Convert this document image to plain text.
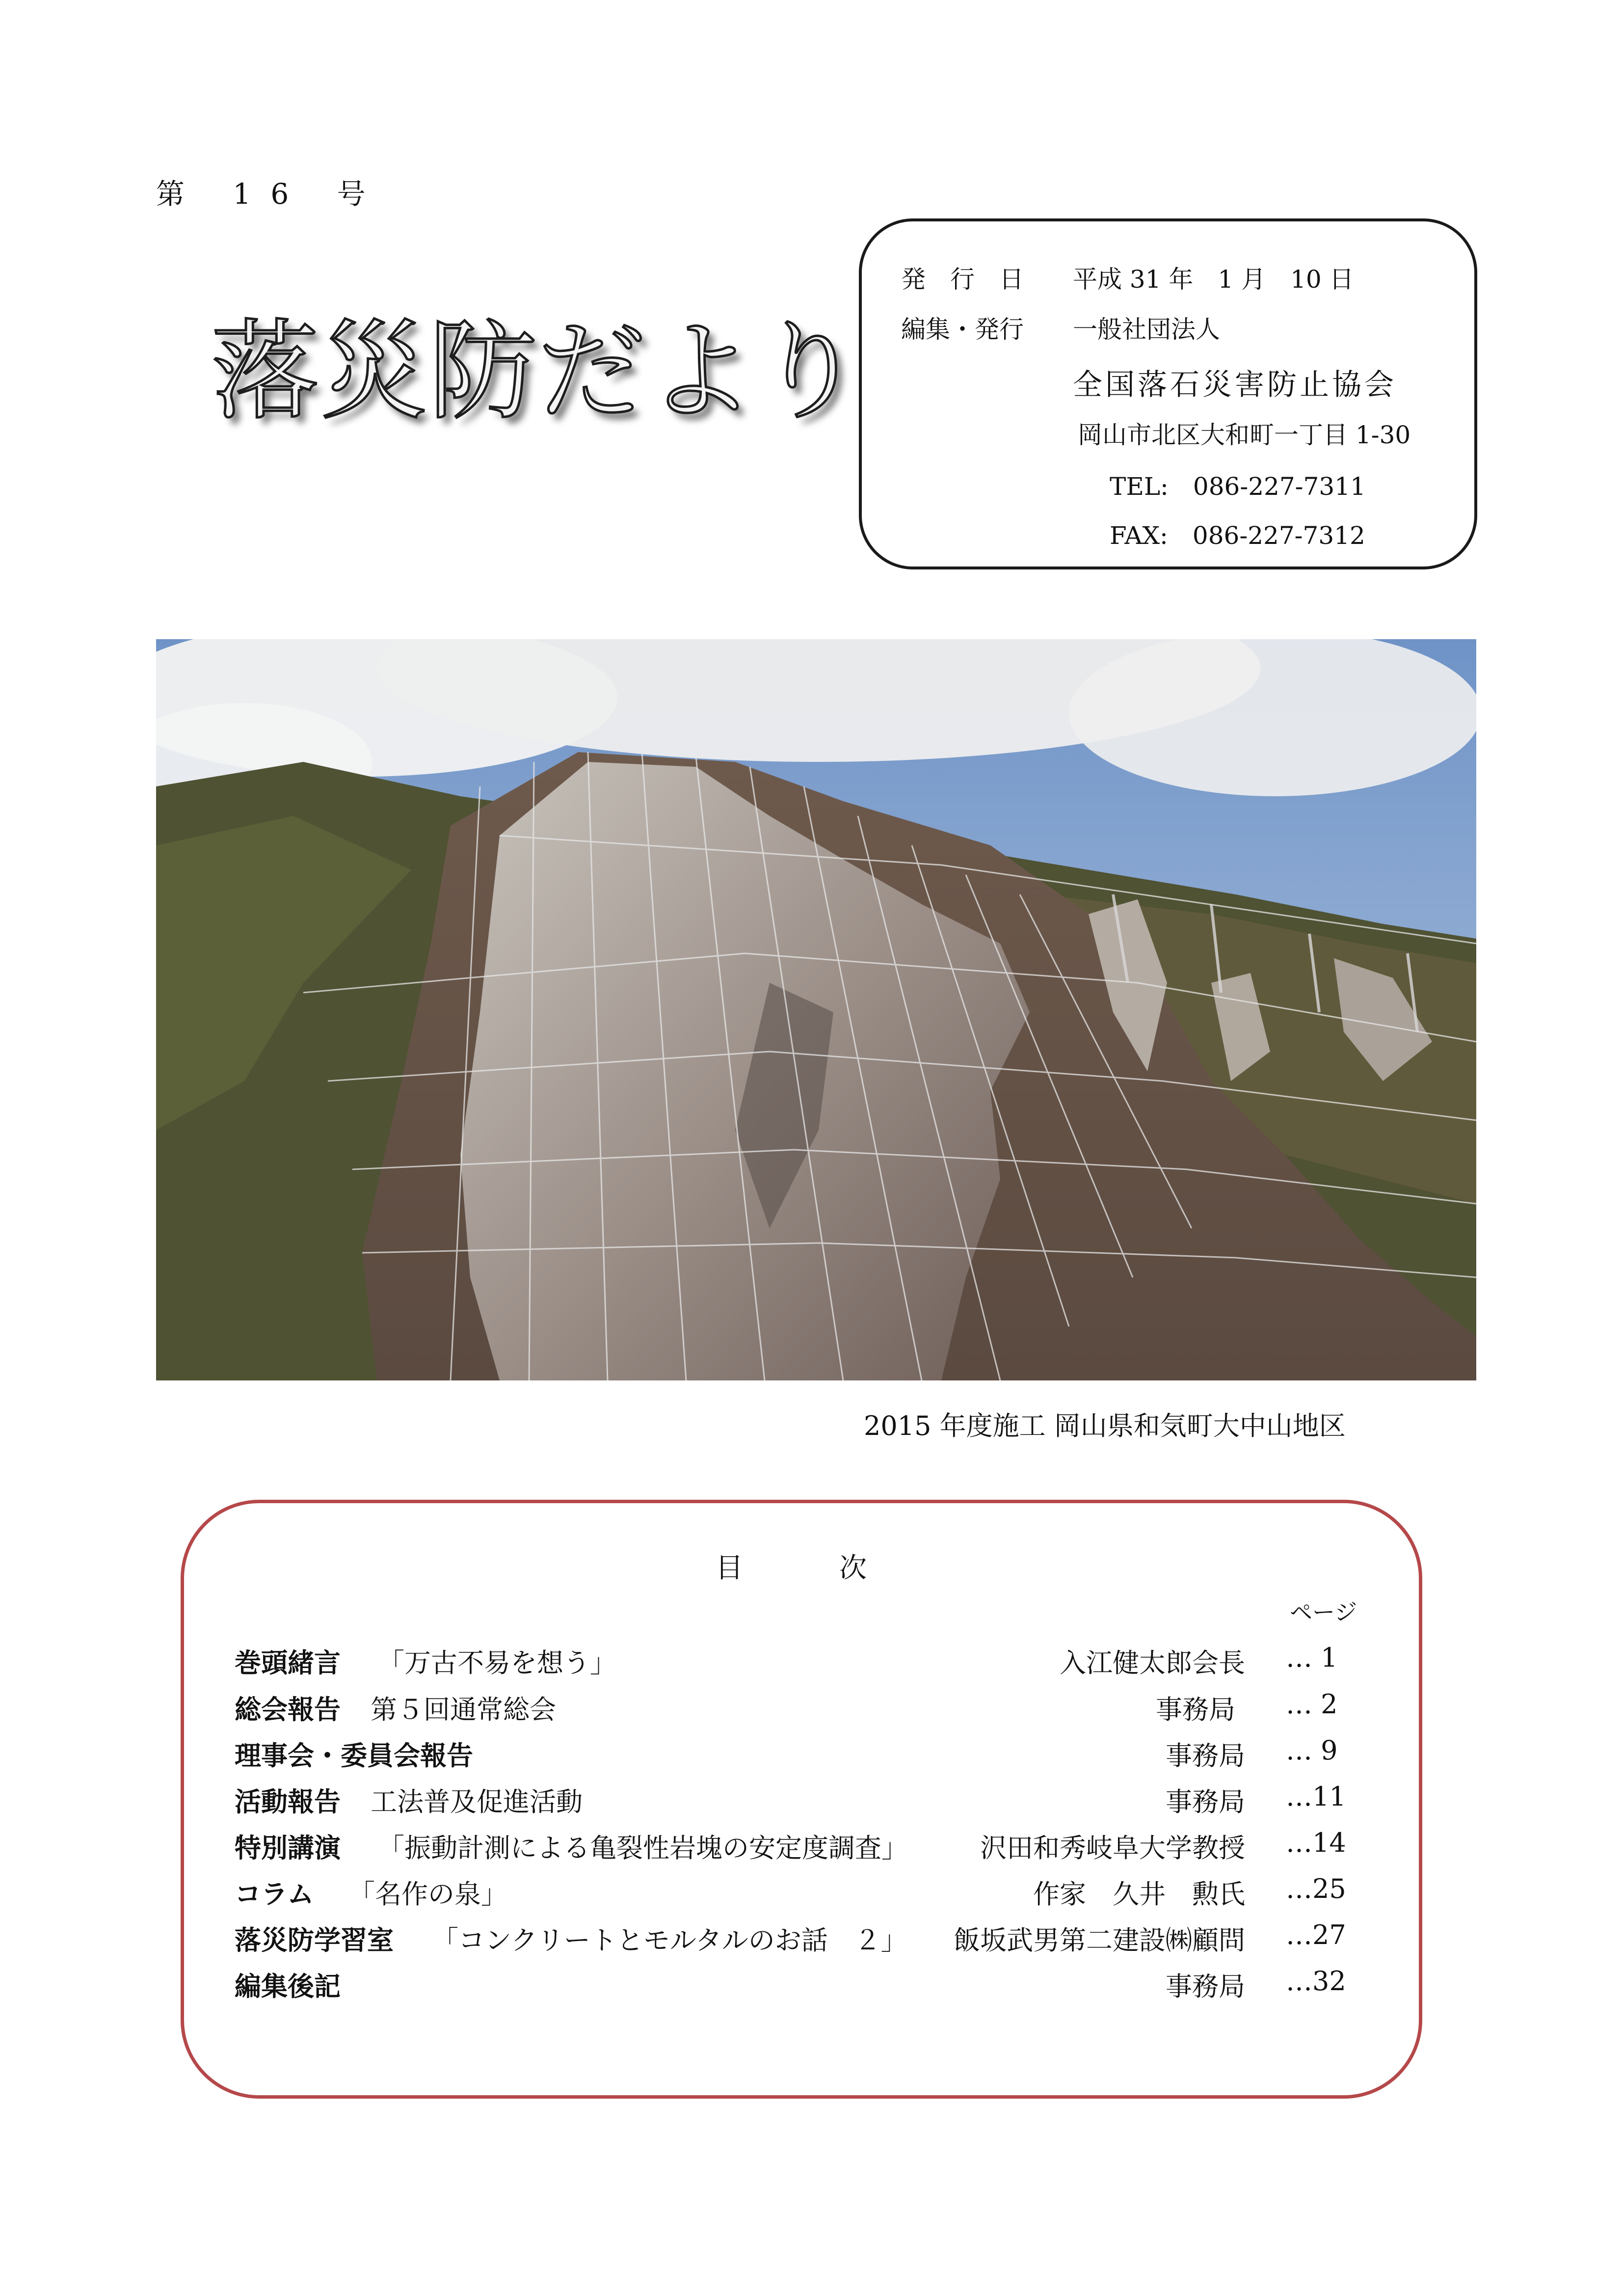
第 16 号
落災防だより
発　行　日 平成 31 年　1 月　10 日
編集・発行 一般社団法人
全国落石災害防止協会
岡山市北区大和町一丁目 1-30
TEL:　086-227-7311
FAX:　086-227-7312
2015 年度施工 岡山県和気町大中山地区
目　次
ページ
巻頭緒言 「万古不易を想う」	入江健太郎会長 … 1
総会報告 第５回通常総会	事務局 … 2
理事会・委員会報告	事務局 … 9
活動報告 工法普及促進活動	事務局 …11
特別講演 「振動計測による亀裂性岩塊の安定度調査」	沢田和秀岐阜大学教授 …14
コラム 「名作の泉」	作家　久井　勲氏 …25
落災防学習室 「コンクリートとモルタルのお話　２」 飯坂武男第二建設㈱顧問 …27
編集後記	事務局 …32
